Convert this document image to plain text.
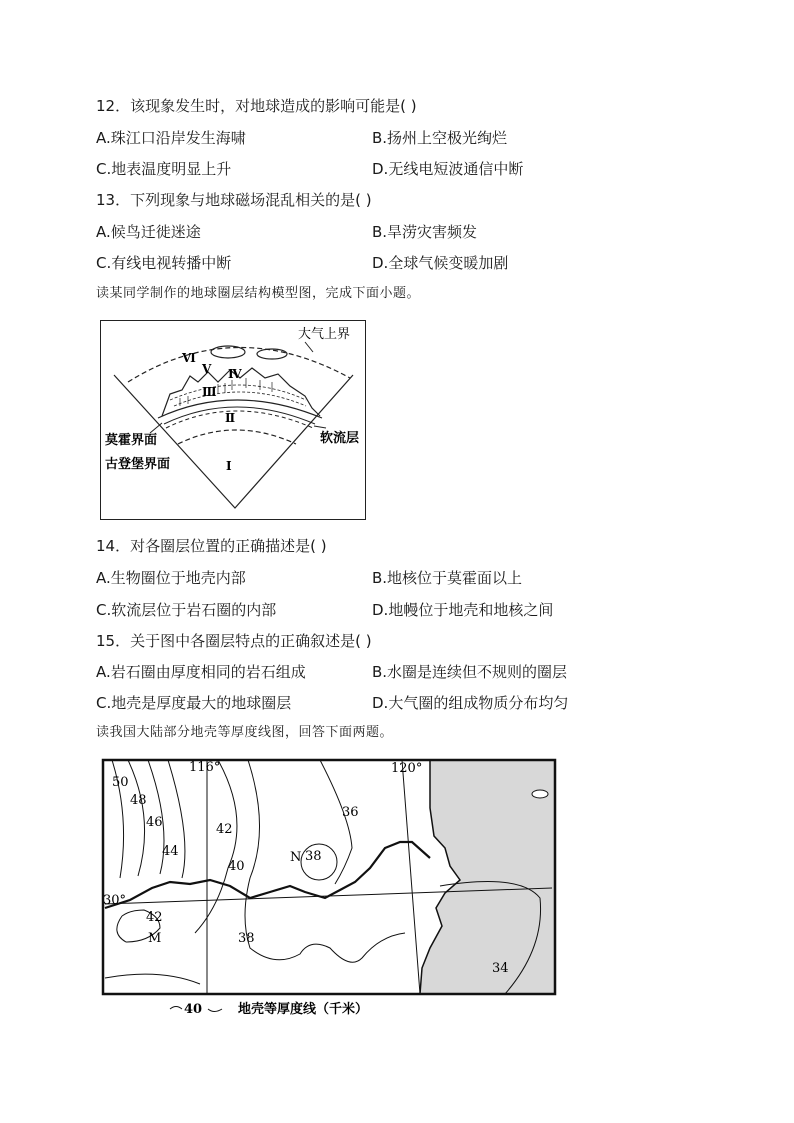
12．该现象发生时，对地球造成的影响可能是( )
A.珠江口沿岸发生海啸	B.扬州上空极光绚烂
C.地表温度明显上升	D.无线电短波通信中断
13．下列现象与地球磁场混乱相关的是( )
A.候鸟迁徙迷途	B.旱涝灾害频发
C.有线电视转播中断	D.全球气候变暖加剧
读某同学制作的地球圈层结构模型图，完成下面小题。
大气上界
Ⅵ
Ⅴ Ⅳ
Ⅲ
Ⅱ
Ⅰ
莫霍界面
古登堡界面
软流层
14．对各圈层位置的正确描述是( )
A.生物圈位于地壳内部	B.地核位于莫霍面以上
C.软流层位于岩石圈的内部	D.地幔位于地壳和地核之间
15．关于图中各圈层特点的正确叙述是( )
A.岩石圈由厚度相同的岩石组成	B.水圈是连续但不规则的圈层
C.地壳是厚度最大的地球圈层	D.大气圈的组成物质分布均匀
读我国大陆部分地壳等厚度线图，回答下面两题。
116°	120°
30°
50
48
46
44
42
40
36
N 38
42
M	38
34
40	地壳等厚度线（千米）
